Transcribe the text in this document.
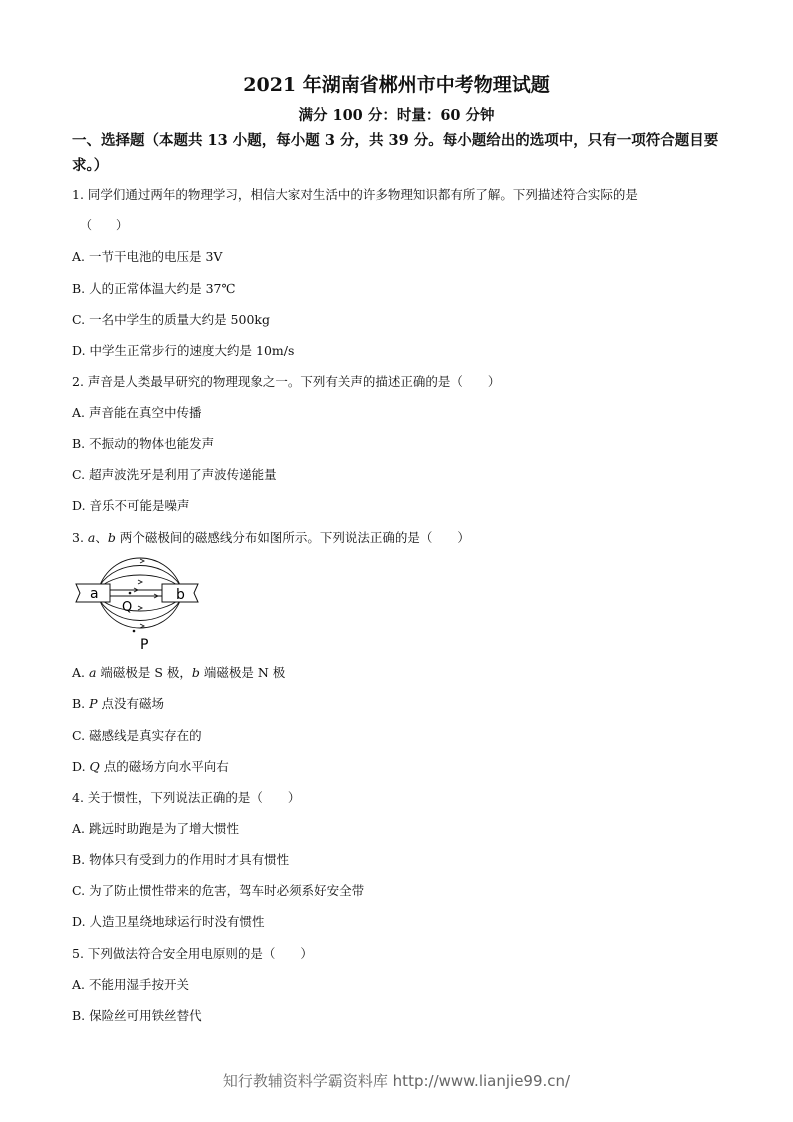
2021 年湖南省郴州市中考物理试题
满分 100 分：时量：60 分钟
一、选择题（本题共 13 小题，每小题 3 分，共 39 分。每小题给出的选项中，只有一项符合题目要求。）
1. 同学们通过两年的物理学习，相信大家对生活中的许多物理知识都有所了解。下列描述符合实际的是
（　　）
A. 一节干电池的电压是 3V
B. 人的正常体温大约是 37℃
C. 一名中学生的质量大约是 500kg
D. 中学生正常步行的速度大约是 10m/s
2. 声音是人类最早研究的物理现象之一。下列有关声的描述正确的是（　　）
A. 声音能在真空中传播
B. 不振动的物体也能发声
C. 超声波洗牙是利用了声波传递能量
D. 音乐不可能是噪声
3. a、b 两个磁极间的磁感线分布如图所示。下列说法正确的是（　　）
a	b
Q
P
A. a 端磁极是 S 极，b 端磁极是 N 极
B. P 点没有磁场
C. 磁感线是真实存在的
D. Q 点的磁场方向水平向右
4. 关于惯性，下列说法正确的是（　　）
A. 跳远时助跑是为了增大惯性
B. 物体只有受到力的作用时才具有惯性
C. 为了防止惯性带来的危害，驾车时必须系好安全带
D. 人造卫星绕地球运行时没有惯性
5. 下列做法符合安全用电原则的是（　　）
A. 不能用湿手按开关
B. 保险丝可用铁丝替代
知行教辅资料学霸资料库 http://www.lianjie99.cn/
